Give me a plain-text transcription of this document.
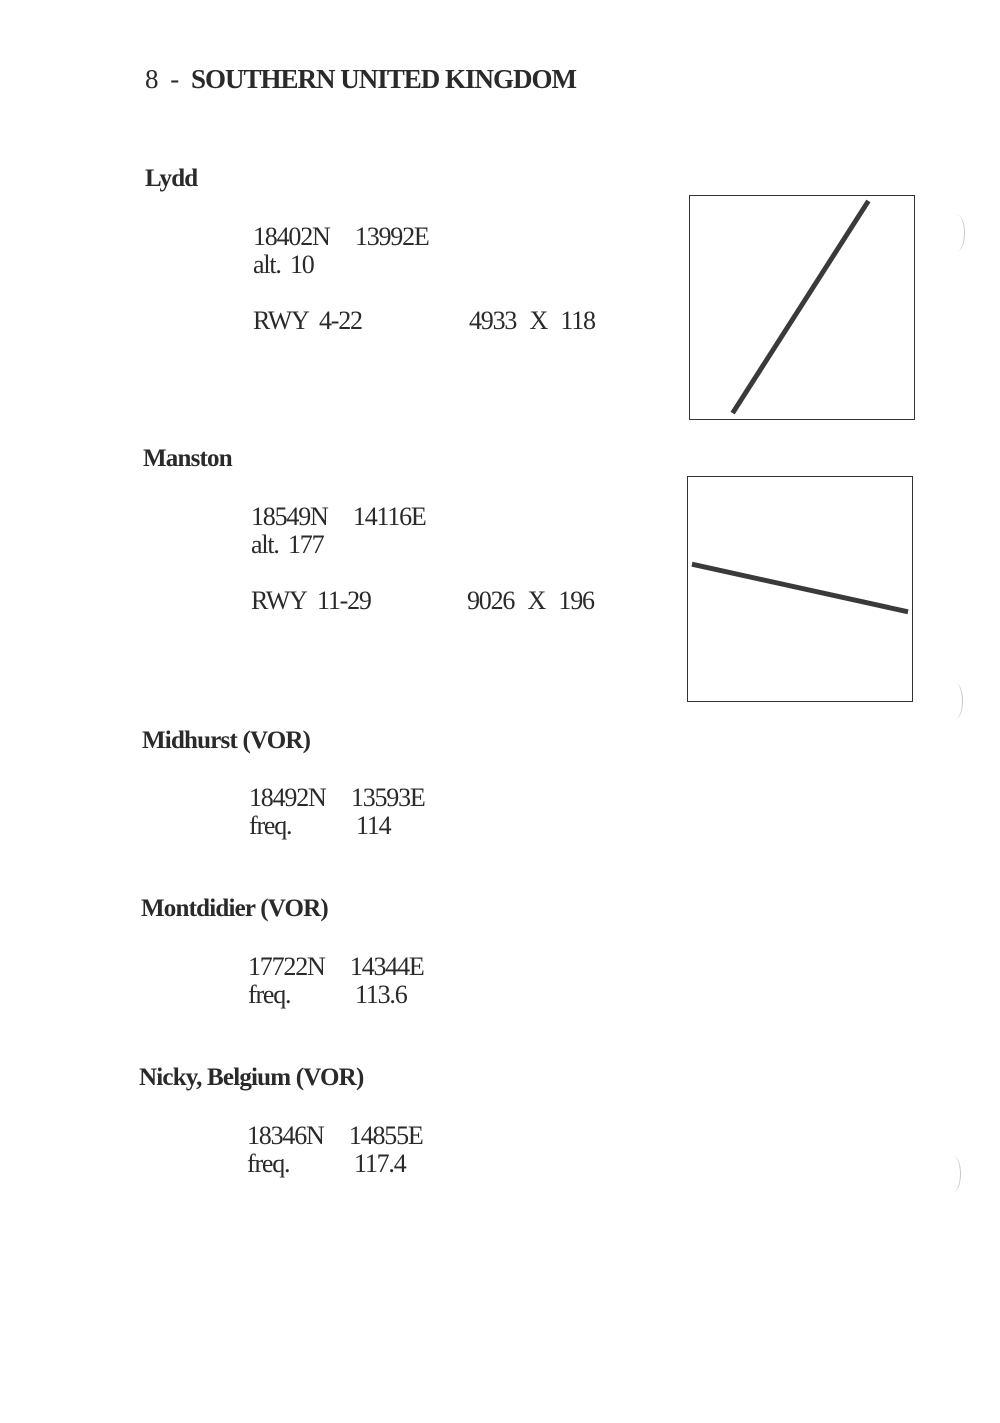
8 - SOUTHERN UNITED KINGDOM
Lydd
18402N 13992E
alt. 10
RWY 4-22	4933 X 118
Manston
18549N 14116E
alt. 177
RWY 11-29	9026 X 196
Midhurst (VOR)
18492N 13593E
freq. 114
Montdidier (VOR)
17722N 14344E
freq. 113.6
Nicky, Belgium (VOR)
18346N 14855E
freq. 117.4
